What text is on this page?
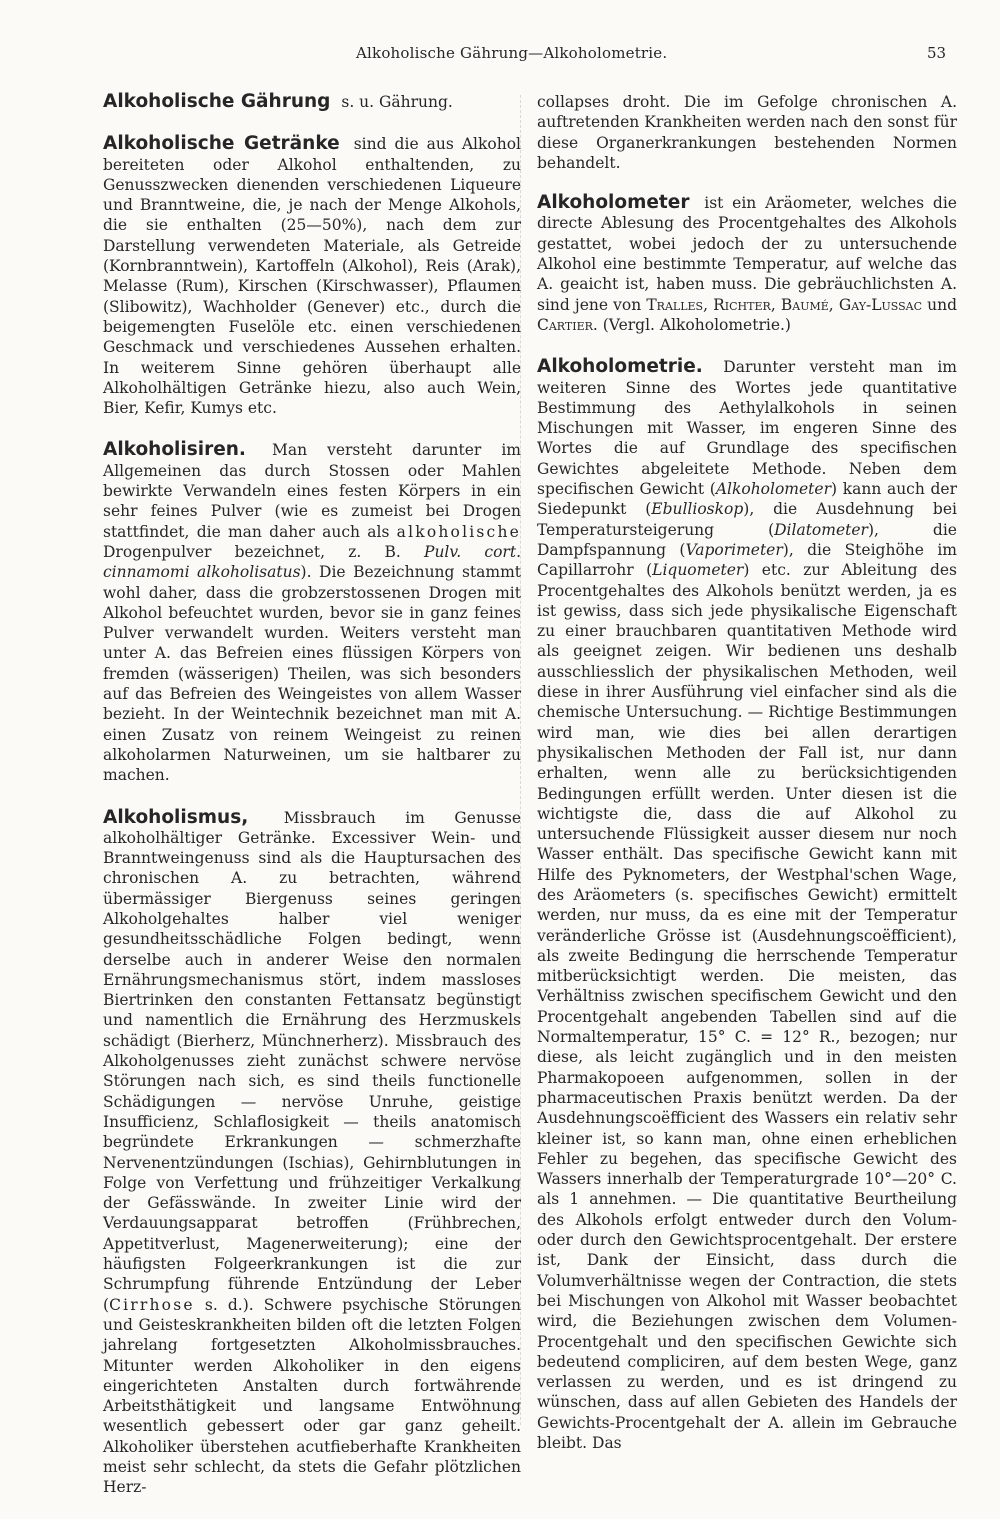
Alkoholische Gährung—Alkoholometrie.	53

Alkoholische Gährung s. u. Gährung.

Alkoholische Getränke sind die aus Alkohol bereiteten oder Alkohol enthaltenden, zu Genusszwecken dienenden verschiedenen Liqueure und Branntweine, die, je nach der Menge Alkohols, die sie enthalten (25—50%), nach dem zur Darstellung verwendeten Materiale, als Getreide (Kornbranntwein), Kartoffeln (Alkohol), Reis (Arak), Melasse (Rum), Kirschen (Kirschwasser), Pflaumen (Slibowitz), Wachholder (Genever) etc., durch die beigemengten Fuselöle etc. einen verschiedenen Geschmack und verschiedenes Aussehen erhalten. In weiterem Sinne gehören überhaupt alle Alkoholhältigen Getränke hiezu, also auch Wein, Bier, Kefir, Kumys etc.

Alkoholisiren. Man versteht darunter im Allgemeinen das durch Stossen oder Mahlen bewirkte Verwandeln eines festen Körpers in ein sehr feines Pulver (wie es zumeist bei Drogen stattfindet, die man daher auch als alkoholische Drogenpulver bezeichnet, z. B. Pulv. cort. cinnamomi alkoholisatus). Die Bezeichnung stammt wohl daher, dass die grobzerstossenen Drogen mit Alkohol befeuchtet wurden, bevor sie in ganz feines Pulver verwandelt wurden. Weiters versteht man unter A. das Befreien eines flüssigen Körpers von fremden (wässerigen) Theilen, was sich besonders auf das Befreien des Weingeistes von allem Wasser bezieht. In der Weintechnik bezeichnet man mit A. einen Zusatz von reinem Weingeist zu reinen alkoholarmen Naturweinen, um sie haltbarer zu machen.

Alkoholismus, Missbrauch im Genusse alkoholhältiger Getränke. Excessiver Wein- und Branntweingenuss sind als die Hauptursachen des chronischen A. zu betrachten, während übermässiger Biergenuss seines geringen Alkoholgehaltes halber viel weniger gesundheitsschädliche Folgen bedingt, wenn derselbe auch in anderer Weise den normalen Ernährungsmechanismus stört, indem massloses Biertrinken den constanten Fettansatz begünstigt und namentlich die Ernährung des Herzmuskels schädigt (Bierherz, Münchnerherz). Missbrauch des Alkoholgenusses zieht zunächst schwere nervöse Störungen nach sich, es sind theils functionelle Schädigungen — nervöse Unruhe, geistige Insufficienz, Schlaflosigkeit — theils anatomisch begründete Erkrankungen — schmerzhafte Nervenentzündungen (Ischias), Gehirnblutungen in Folge von Verfettung und frühzeitiger Verkalkung der Gefässwände. In zweiter Linie wird der Verdauungsapparat betroffen (Frühbrechen, Appetitverlust, Magenerweiterung); eine der häufigsten Folgeerkrankungen ist die zur Schrumpfung führende Entzündung der Leber (Cirrhose s. d.). Schwere psychische Störungen und Geisteskrankheiten bilden oft die letzten Folgen jahrelang fortgesetzten Alkoholmissbrauches. Mitunter werden Alkoholiker in den eigens eingerichteten Anstalten durch fortwährende Arbeitsthätigkeit und langsame Entwöhnung wesentlich gebessert oder gar ganz geheilt. Alkoholiker überstehen acutfieberhafte Krankheiten meist sehr schlecht, da stets die Gefahr plötzlichen Herz-

collapses droht. Die im Gefolge chronischen A. auftretenden Krankheiten werden nach den sonst für diese Organerkrankungen bestehenden Normen behandelt.

Alkoholometer ist ein Aräometer, welches die directe Ablesung des Procentgehaltes des Alkohols gestattet, wobei jedoch der zu untersuchende Alkohol eine bestimmte Temperatur, auf welche das A. geaicht ist, haben muss. Die gebräuchlichsten A. sind jene von Tralles, Richter, Baumé, Gay-Lussac und Cartier. (Vergl. Alkoholometrie.)

Alkoholometrie. Darunter versteht man im weiteren Sinne des Wortes jede quantitative Bestimmung des Aethylalkohols in seinen Mischungen mit Wasser, im engeren Sinne des Wortes die auf Grundlage des specifischen Gewichtes abgeleitete Methode. Neben dem specifischen Gewicht (Alkoholometer) kann auch der Siedepunkt (Ebullioskop), die Ausdehnung bei Temperatursteigerung (Dilatometer), die Dampfspannung (Vaporimeter), die Steighöhe im Capillarrohr (Liquometer) etc. zur Ableitung des Procentgehaltes des Alkohols benützt werden, ja es ist gewiss, dass sich jede physikalische Eigenschaft zu einer brauchbaren quantitativen Methode wird als geeignet zeigen. Wir bedienen uns deshalb ausschliesslich der physikalischen Methoden, weil diese in ihrer Ausführung viel einfacher sind als die chemische Untersuchung. — Richtige Bestimmungen wird man, wie dies bei allen derartigen physikalischen Methoden der Fall ist, nur dann erhalten, wenn alle zu berücksichtigenden Bedingungen erfüllt werden. Unter diesen ist die wichtigste die, dass die auf Alkohol zu untersuchende Flüssigkeit ausser diesem nur noch Wasser enthält. Das specifische Gewicht kann mit Hilfe des Pyknometers, der Westphal'schen Wage, des Aräometers (s. specifisches Gewicht) ermittelt werden, nur muss, da es eine mit der Temperatur veränderliche Grösse ist (Ausdehnungscoëfficient), als zweite Bedingung die herrschende Temperatur mitberücksichtigt werden. Die meisten, das Verhältniss zwischen specifischem Gewicht und den Procentgehalt angebenden Tabellen sind auf die Normaltemperatur, 15° C. = 12° R., bezogen; nur diese, als leicht zugänglich und in den meisten Pharmakopoeen aufgenommen, sollen in der pharmaceutischen Praxis benützt werden. Da der Ausdehnungscoëfficient des Wassers ein relativ sehr kleiner ist, so kann man, ohne einen erheblichen Fehler zu begehen, das specifische Gewicht des Wassers innerhalb der Temperaturgrade 10°—20° C. als 1 annehmen. — Die quantitative Beurtheilung des Alkohols erfolgt entweder durch den Volum- oder durch den Gewichtsprocentgehalt. Der erstere ist, Dank der Einsicht, dass durch die Volumverhältnisse wegen der Contraction, die stets bei Mischungen von Alkohol mit Wasser beobachtet wird, die Beziehungen zwischen dem Volumen-Procentgehalt und den specifischen Gewichte sich bedeutend compliciren, auf dem besten Wege, ganz verlassen zu werden, und es ist dringend zu wünschen, dass auf allen Gebieten des Handels der Gewichts-Procentgehalt der A. allein im Gebrauche bleibt. Das
